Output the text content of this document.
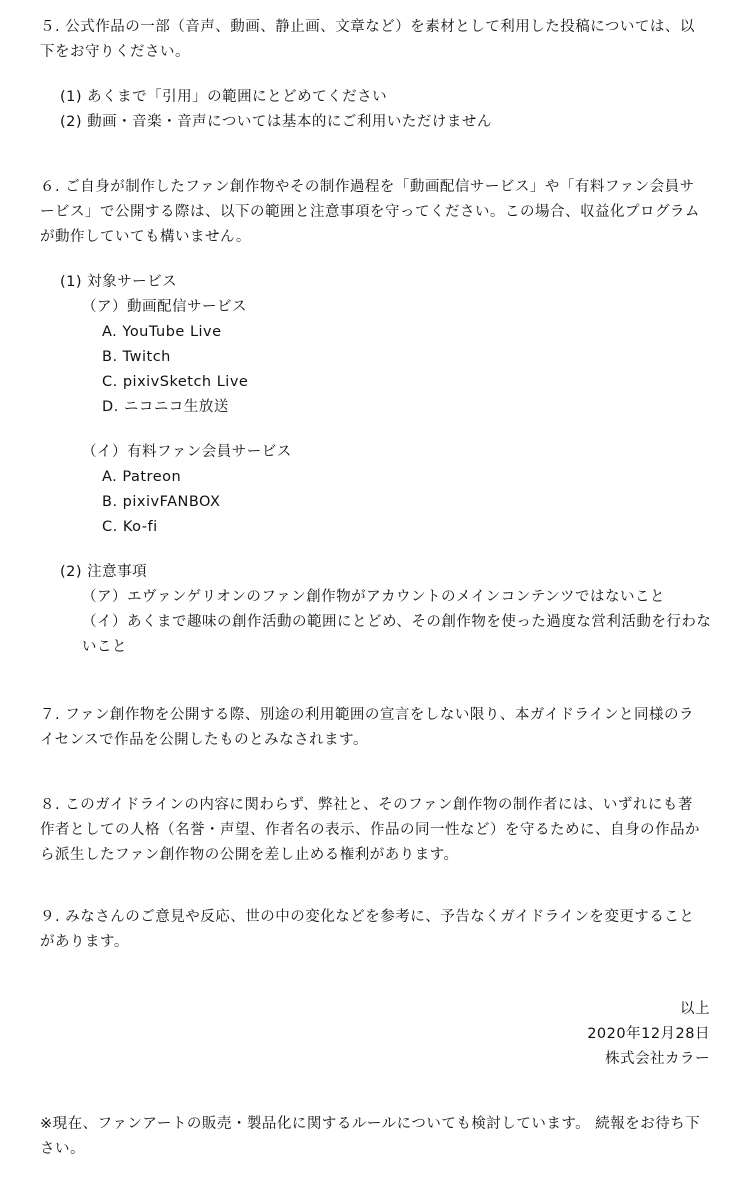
５. 公式作品の一部（音声、動画、静止画、文章など）を素材として利用した投稿については、以
下をお守りください。
(1) あくまで「引用」の範囲にとどめてください
(2) 動画・音楽・音声については基本的にご利用いただけません
６. ご自身が制作したファン創作物やその制作過程を「動画配信サービス」や「有料ファン会員サ
ービス」で公開する際は、以下の範囲と注意事項を守ってください。この場合、収益化プログラム
が動作していても構いません。
(1) 対象サービス
（ア）動画配信サービス
A. YouTube Live
B. Twitch
C. pixivSketch Live
D. ニコニコ生放送
（イ）有料ファン会員サービス
A. Patreon
B. pixivFANBOX
C. Ko-fi
(2) 注意事項
（ア）エヴァンゲリオンのファン創作物がアカウントのメインコンテンツではないこと
（イ）あくまで趣味の創作活動の範囲にとどめ、その創作物を使った過度な営利活動を行わな
いこと
７. ファン創作物を公開する際、別途の利用範囲の宣言をしない限り、本ガイドラインと同様のラ
イセンスで作品を公開したものとみなされます。
８. このガイドラインの内容に関わらず、弊社と、そのファン創作物の制作者には、いずれにも著
作者としての人格（名誉・声望、作者名の表示、作品の同一性など）を守るために、自身の作品か
ら派生したファン創作物の公開を差し止める権利があります。
９. みなさんのご意見や反応、世の中の変化などを参考に、予告なくガイドラインを変更すること
があります。
以上
2020年12月28日
株式会社カラー
※現在、ファンアートの販売・製品化に関するルールについても検討しています。 続報をお待ち下
さい。
